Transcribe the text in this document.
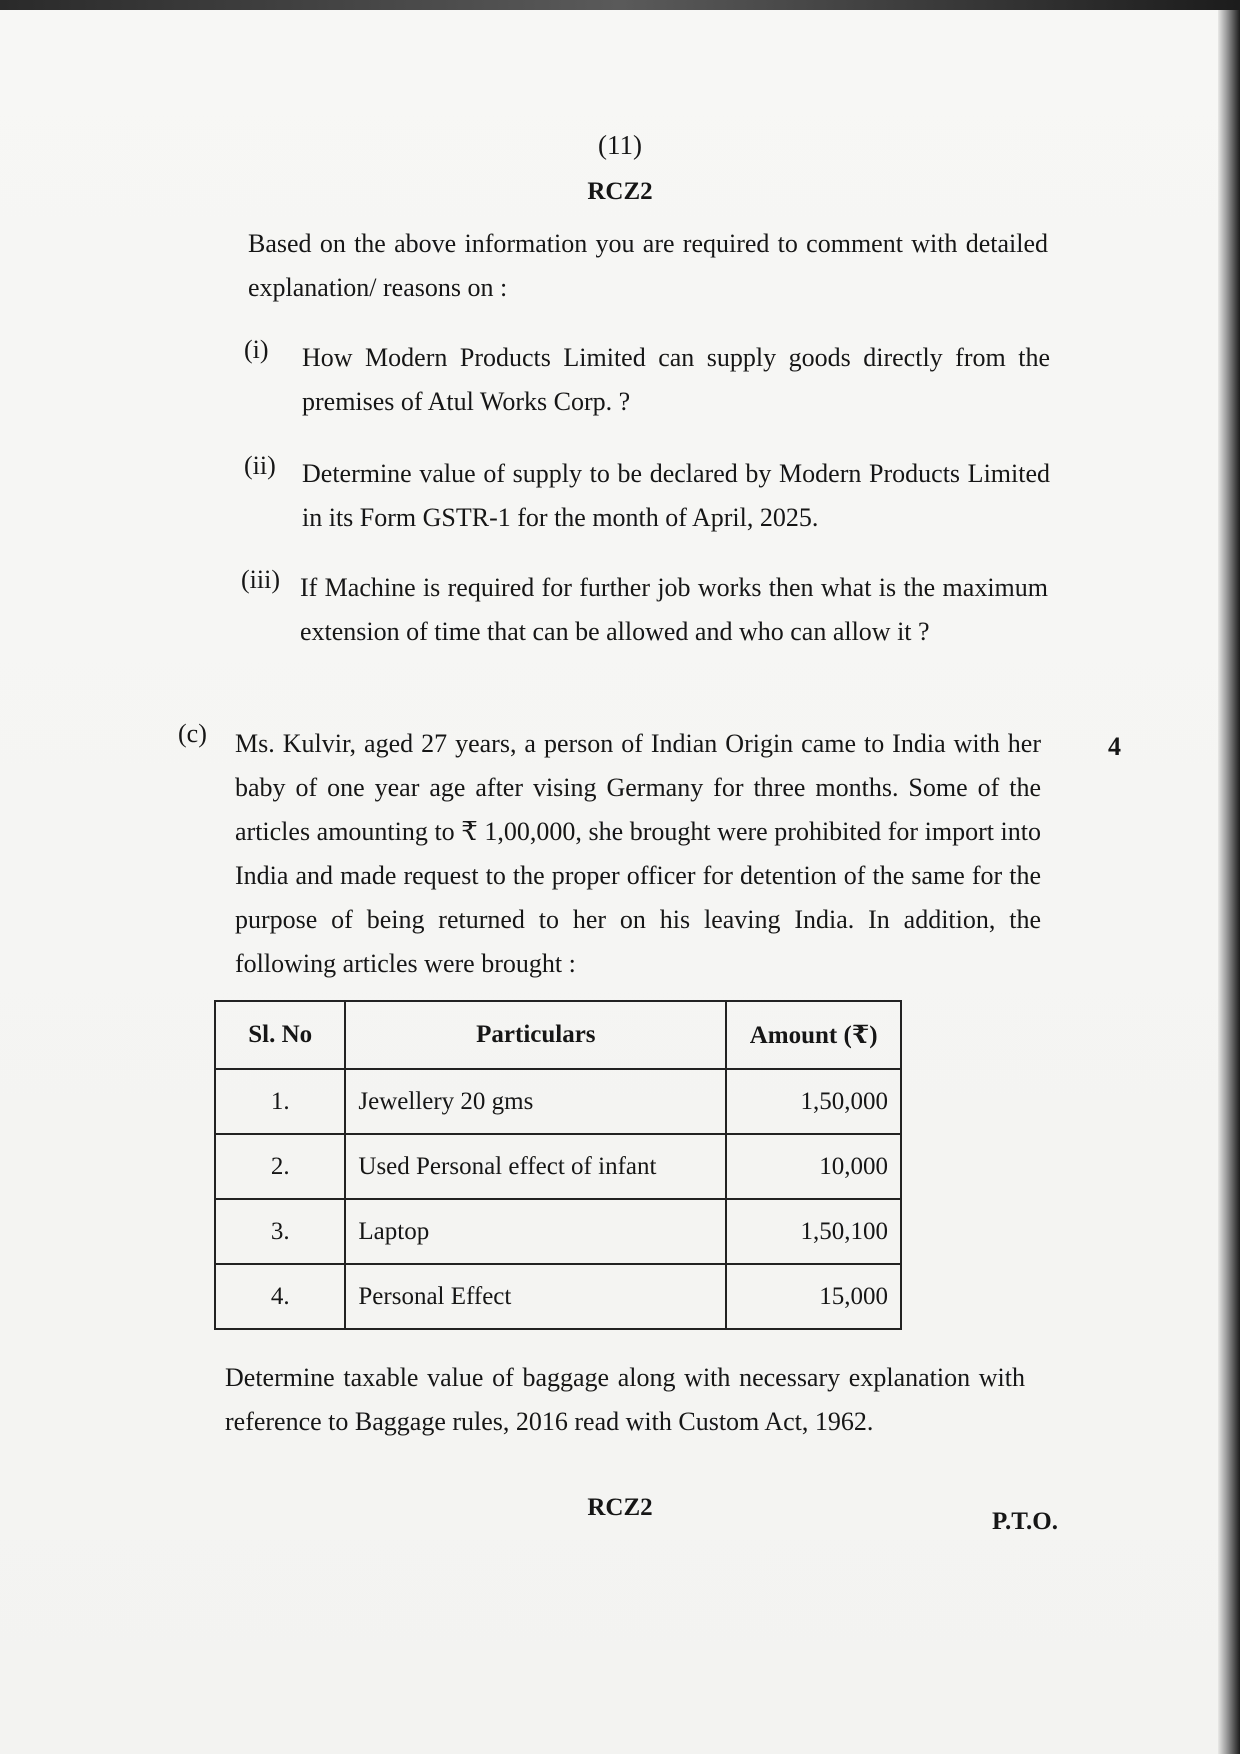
(11)
RCZ2
Based on the above information you are required to comment with detailed explanation/ reasons on :
(i) How Modern Products Limited can supply goods directly from the premises of Atul Works Corp. ?
(ii) Determine value of supply to be declared by Modern Products Limited in its Form GSTR-1 for the month of April, 2025.
(iii) If Machine is required for further job works then what is the maximum extension of time that can be allowed and who can allow it ?
(c) Ms. Kulvir, aged 27 years, a person of Indian Origin came to India with her baby of one year age after vising Germany for three months. Some of the articles amounting to ₹ 1,00,000, she brought were prohibited for import into India and made request to the proper officer for detention of the same for the purpose of being returned to her on his leaving India. In addition, the following articles were brought :
4
Sl. No	Particulars	Amount (₹)
1.	Jewellery 20 gms	1,50,000
2.	Used Personal effect of infant	10,000
3.	Laptop	1,50,100
4.	Personal Effect	15,000
Determine taxable value of baggage along with necessary explanation with reference to Baggage rules, 2016 read with Custom Act, 1962.
RCZ2
P.T.O.
